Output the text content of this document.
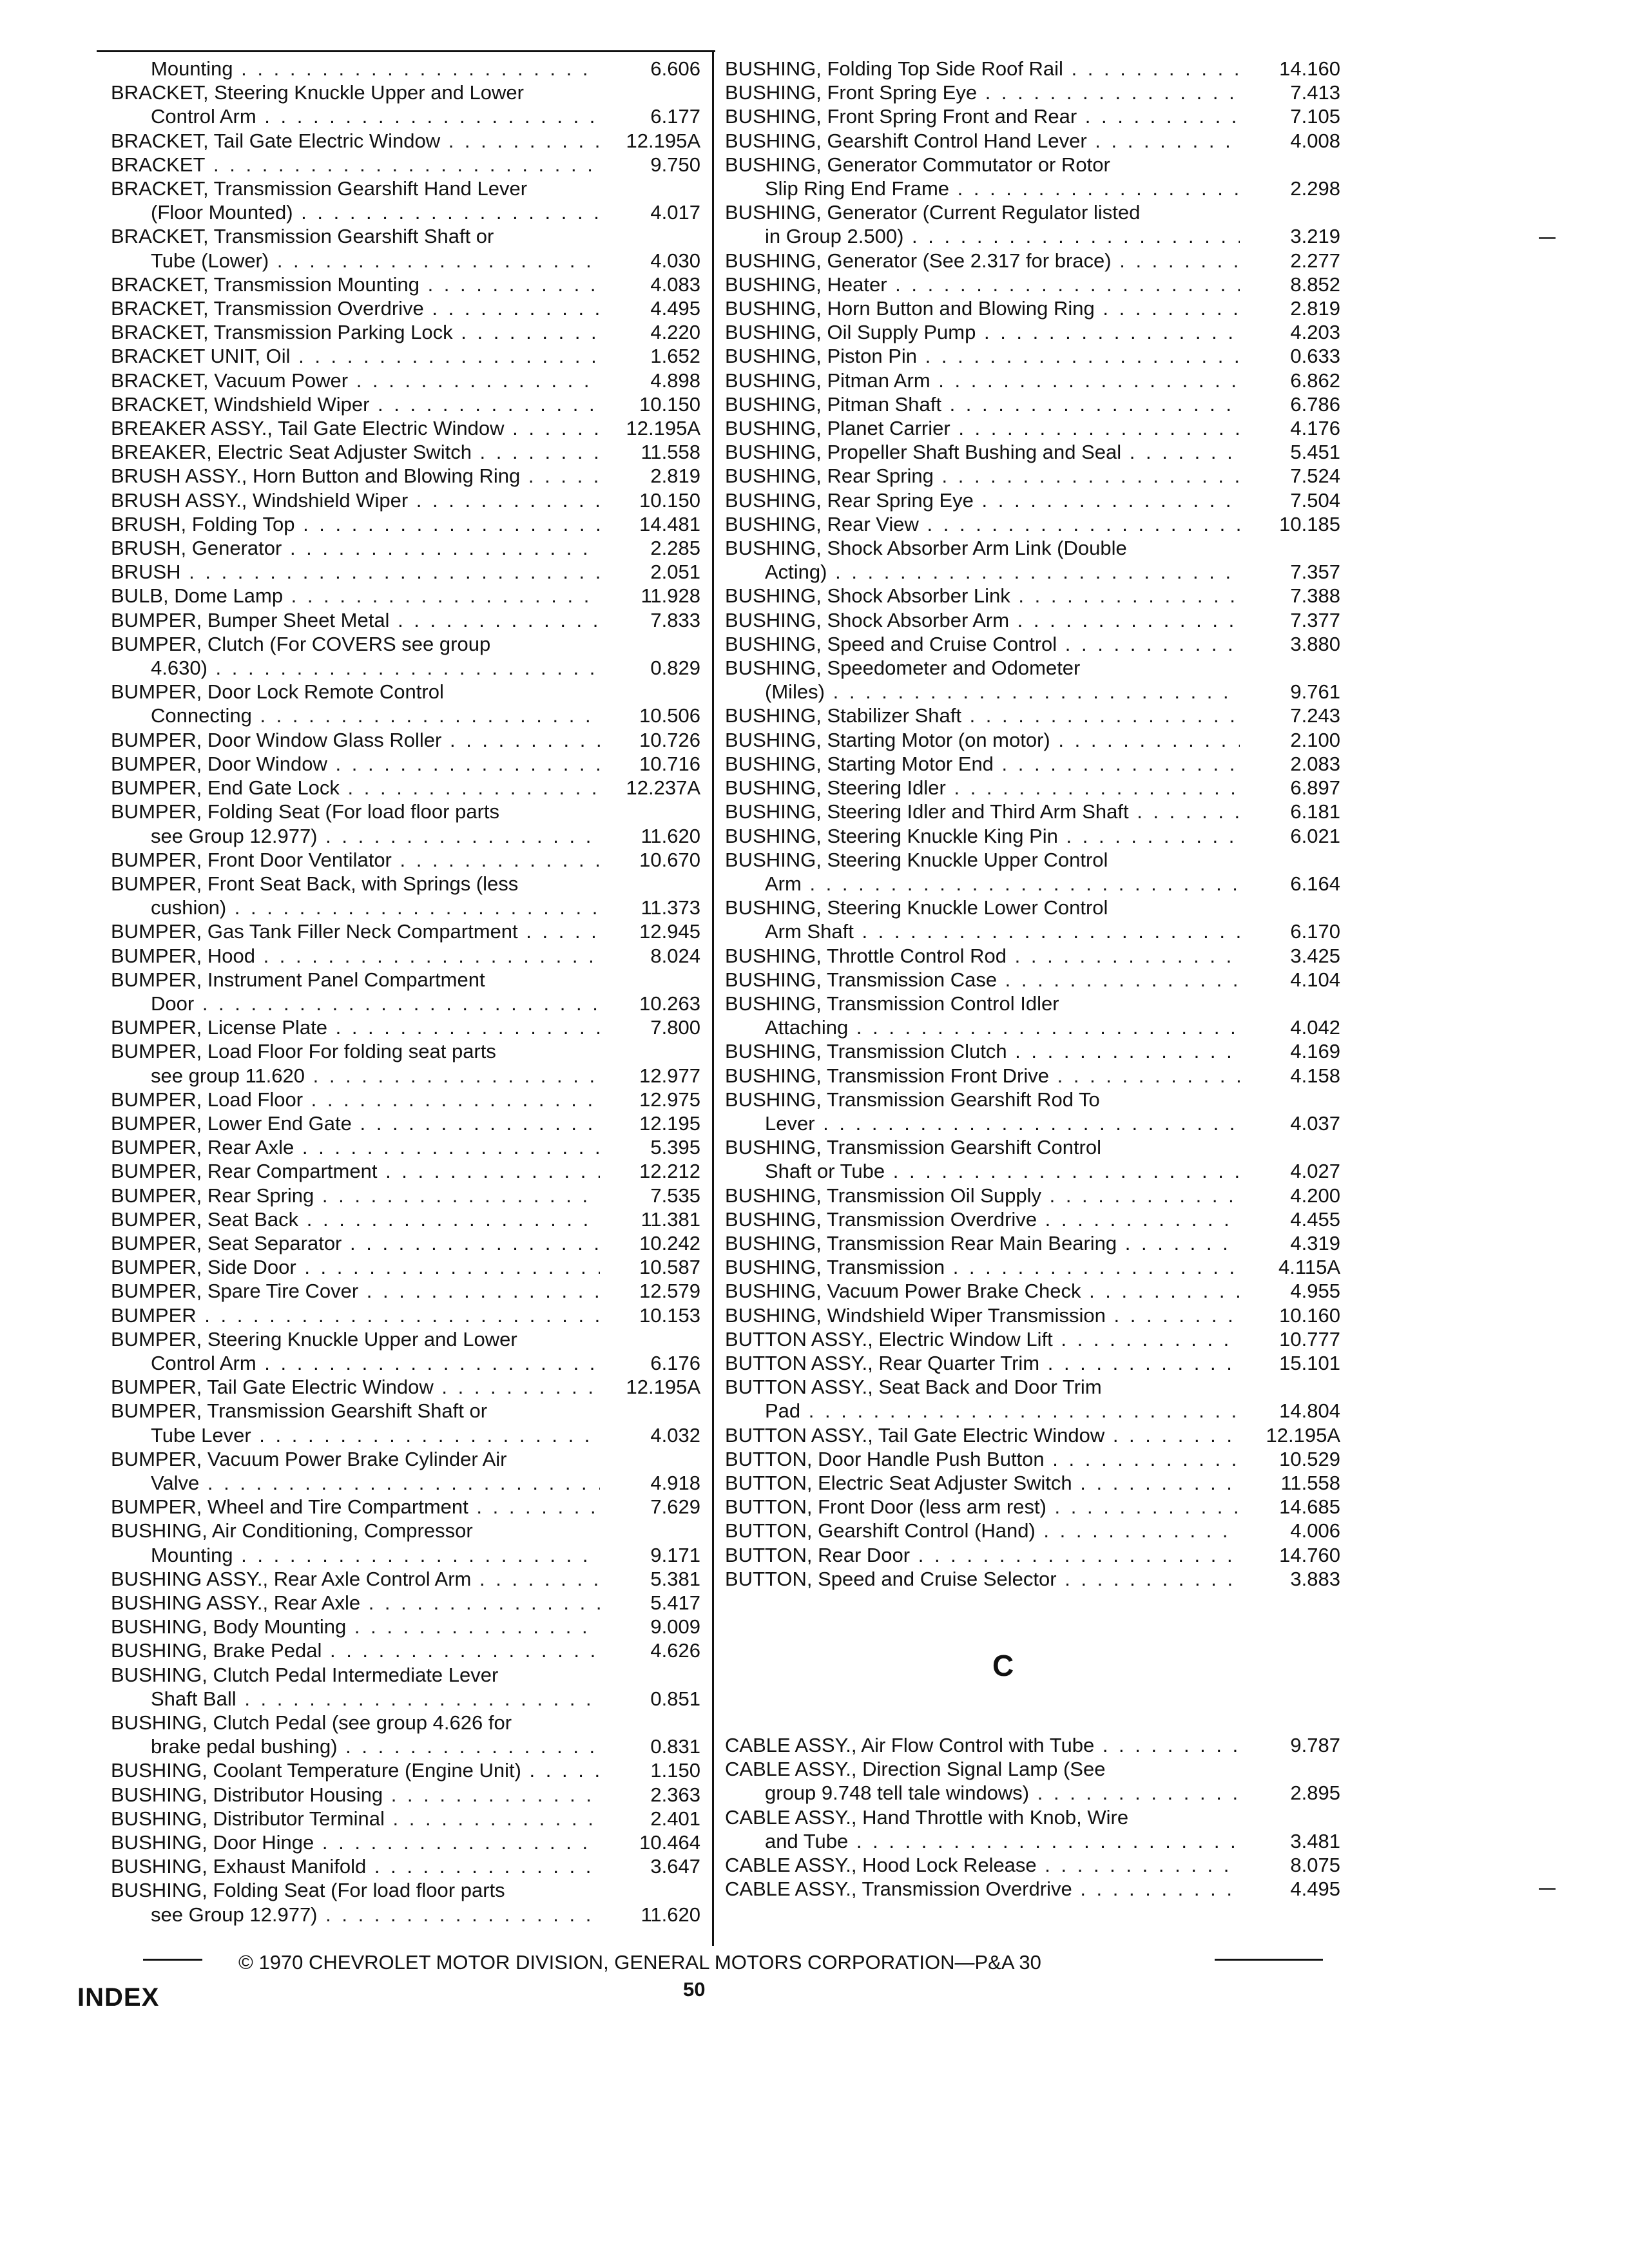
Mounting . . .	6.606
BRACKET, Steering Knuckle Upper and Lower
Control Arm . . .	6.177
BRACKET, Tail Gate Electric Window . . .	12.195A
BRACKET . . .	9.750
BRACKET, Transmission Gearshift Hand Lever
(Floor Mounted) . . .	4.017
BRACKET, Transmission Gearshift Shaft or
Tube (Lower) . . .	4.030
BRACKET, Transmission Mounting . . .	4.083
BRACKET, Transmission Overdrive . . .	4.495
BRACKET, Transmission Parking Lock . . .	4.220
BRACKET UNIT, Oil . . .	1.652
BRACKET, Vacuum Power . . .	4.898
BRACKET, Windshield Wiper . . .	10.150
BREAKER ASSY., Tail Gate Electric Window . . .	12.195A
BREAKER, Electric Seat Adjuster Switch . . .	11.558
BRUSH ASSY., Horn Button and Blowing Ring . . .	2.819
BRUSH ASSY., Windshield Wiper . . .	10.150
BRUSH, Folding Top . . .	14.481
BRUSH, Generator . . .	2.285
BRUSH . . .	2.051
BULB, Dome Lamp . . .	11.928
BUMPER, Bumper Sheet Metal . . .	7.833
BUMPER, Clutch (For COVERS see group
4.630) . . .	0.829
BUMPER, Door Lock Remote Control
Connecting . . .	10.506
BUMPER, Door Window Glass Roller . . .	10.726
BUMPER, Door Window . . .	10.716
BUMPER, End Gate Lock . . .	12.237A
BUMPER, Folding Seat (For load floor parts
see Group 12.977) . . .	11.620
BUMPER, Front Door Ventilator . . .	10.670
BUMPER, Front Seat Back, with Springs (less
cushion) . . .	11.373
BUMPER, Gas Tank Filler Neck Compartment . . .	12.945
BUMPER, Hood . . .	8.024
BUMPER, Instrument Panel Compartment
Door . . .	10.263
BUMPER, License Plate . . .	7.800
BUMPER, Load Floor For folding seat parts
see group 11.620 . . .	12.977
BUMPER, Load Floor . . .	12.975
BUMPER, Lower End Gate . . .	12.195
BUMPER, Rear Axle . . .	5.395
BUMPER, Rear Compartment . . .	12.212
BUMPER, Rear Spring . . .	7.535
BUMPER, Seat Back . . .	11.381
BUMPER, Seat Separator . . .	10.242
BUMPER, Side Door . . .	10.587
BUMPER, Spare Tire Cover . . .	12.579
BUMPER . . .	10.153
BUMPER, Steering Knuckle Upper and Lower
Control Arm . . .	6.176
BUMPER, Tail Gate Electric Window . . .	12.195A
BUMPER, Transmission Gearshift Shaft or
Tube Lever . . .	4.032
BUMPER, Vacuum Power Brake Cylinder Air
Valve . . .	4.918
BUMPER, Wheel and Tire Compartment . . .	7.629
BUSHING, Air Conditioning, Compressor
Mounting . . .	9.171
BUSHING ASSY., Rear Axle Control Arm . . .	5.381
BUSHING ASSY., Rear Axle . . .	5.417
BUSHING, Body Mounting . . .	9.009
BUSHING, Brake Pedal . . .	4.626
BUSHING, Clutch Pedal Intermediate Lever
Shaft Ball . . .	0.851
BUSHING, Clutch Pedal (see group 4.626 for
brake pedal bushing) . . .	0.831
BUSHING, Coolant Temperature (Engine Unit) . . .	1.150
BUSHING, Distributor Housing . . .	2.363
BUSHING, Distributor Terminal . . .	2.401
BUSHING, Door Hinge . . .	10.464
BUSHING, Exhaust Manifold . . .	3.647
BUSHING, Folding Seat (For load floor parts
see Group 12.977) . . .	11.620
BUSHING, Folding Top Side Roof Rail . . .	14.160
BUSHING, Front Spring Eye . . .	7.413
BUSHING, Front Spring Front and Rear . . .	7.105
BUSHING, Gearshift Control Hand Lever . . .	4.008
BUSHING, Generator Commutator or Rotor
Slip Ring End Frame . . .	2.298
BUSHING, Generator (Current Regulator listed
in Group 2.500) . . .	3.219
BUSHING, Generator (See 2.317 for brace) . . .	2.277
BUSHING, Heater . . .	8.852
BUSHING, Horn Button and Blowing Ring . . .	2.819
BUSHING, Oil Supply Pump . . .	4.203
BUSHING, Piston Pin . . .	0.633
BUSHING, Pitman Arm . . .	6.862
BUSHING, Pitman Shaft . . .	6.786
BUSHING, Planet Carrier . . .	4.176
BUSHING, Propeller Shaft Bushing and Seal . . .	5.451
BUSHING, Rear Spring . . .	7.524
BUSHING, Rear Spring Eye . . .	7.504
BUSHING, Rear View . . .	10.185
BUSHING, Shock Absorber Arm Link (Double
Acting) . . .	7.357
BUSHING, Shock Absorber Link . . .	7.388
BUSHING, Shock Absorber Arm . . .	7.377
BUSHING, Speed and Cruise Control . . .	3.880
BUSHING, Speedometer and Odometer
(Miles) . . .	9.761
BUSHING, Stabilizer Shaft . . .	7.243
BUSHING, Starting Motor (on motor) . . .	2.100
BUSHING, Starting Motor End . . .	2.083
BUSHING, Steering Idler . . .	6.897
BUSHING, Steering Idler and Third Arm Shaft . . .	6.181
BUSHING, Steering Knuckle King Pin . . .	6.021
BUSHING, Steering Knuckle Upper Control
Arm . . .	6.164
BUSHING, Steering Knuckle Lower Control
Arm Shaft . . .	6.170
BUSHING, Throttle Control Rod . . .	3.425
BUSHING, Transmission Case . . .	4.104
BUSHING, Transmission Control Idler
Attaching . . .	4.042
BUSHING, Transmission Clutch . . .	4.169
BUSHING, Transmission Front Drive . . .	4.158
BUSHING, Transmission Gearshift Rod To
Lever . . .	4.037
BUSHING, Transmission Gearshift Control
Shaft or Tube . . .	4.027
BUSHING, Transmission Oil Supply . . .	4.200
BUSHING, Transmission Overdrive . . .	4.455
BUSHING, Transmission Rear Main Bearing . . .	4.319
BUSHING, Transmission . . .	4.115A
BUSHING, Vacuum Power Brake Check . . .	4.955
BUSHING, Windshield Wiper Transmission . . .	10.160
BUTTON ASSY., Electric Window Lift . . .	10.777
BUTTON ASSY., Rear Quarter Trim . . .	15.101
BUTTON ASSY., Seat Back and Door Trim
Pad . . .	14.804
BUTTON ASSY., Tail Gate Electric Window . . .	12.195A
BUTTON, Door Handle Push Button . . .	10.529
BUTTON, Electric Seat Adjuster Switch . . .	11.558
BUTTON, Front Door (less arm rest) . . .	14.685
BUTTON, Gearshift Control (Hand) . . .	4.006
BUTTON, Rear Door . . .	14.760
BUTTON, Speed and Cruise Selector . . .	3.883
C
CABLE ASSY., Air Flow Control with Tube . . .	9.787
CABLE ASSY., Direction Signal Lamp (See
group 9.748 tell tale windows) . . .	2.895
CABLE ASSY., Hand Throttle with Knob, Wire
and Tube . . .	3.481
CABLE ASSY., Hood Lock Release . . .	8.075
CABLE ASSY., Transmission Overdrive . . .	4.495
© 1970 CHEVROLET MOTOR DIVISION, GENERAL MOTORS CORPORATION—P&A 30
INDEX	50
